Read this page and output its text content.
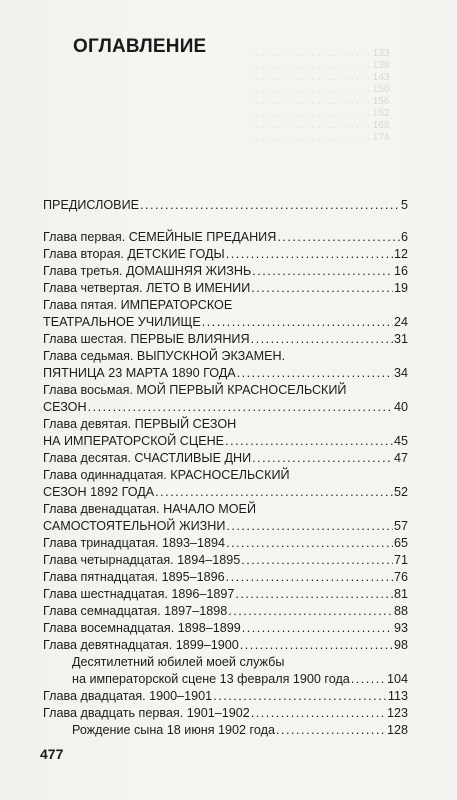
. . . . . . . . . . . . . . . . . . . . . . . 133
. . . . . . . . . . . . . . . . . . . . . . . 138
. . . . . . . . . . . . . . . . . . . . . . . 143
. . . . . . . . . . . . . . . . . . . . . . . 150
. . . . . . . . . . . . . . . . . . . . . . . 156
. . . . . . . . . . . . . . . . . . . . . . . 162
. . . . . . . . . . . . . . . . . . . . . . . 168
. . . . . . . . . . . . . . . . . . . . . . . 174
ОГЛАВЛЕНИЕ
ПРЕДИСЛОВИЕ . . .	5
Глава первая. СЕМЕЙНЫЕ ПРЕДАНИЯ . . .	6
Глава вторая. ДЕТСКИЕ ГОДЫ . . .	12
Глава третья. ДОМАШНЯЯ ЖИЗНЬ . . .	16
Глава четвертая. ЛЕТО В ИМЕНИИ . . .	19
Глава пятая. ИМПЕРАТОРСКОЕ
ТЕАТРАЛЬНОЕ УЧИЛИЩЕ . . .	24
Глава шестая. ПЕРВЫЕ ВЛИЯНИЯ . . .	31
Глава седьмая. ВЫПУСКНОЙ ЭКЗАМЕН.
ПЯТНИЦА 23 МАРТА 1890 ГОДА . . .	34
Глава восьмая. МОЙ ПЕРВЫЙ КРАСНОСЕЛЬСКИЙ
СЕЗОН . . .	40
Глава девятая. ПЕРВЫЙ СЕЗОН
НА ИМПЕРАТОРСКОЙ СЦЕНЕ . . .	45
Глава десятая. СЧАСТЛИВЫЕ ДНИ . . .	47
Глава одиннадцатая. КРАСНОСЕЛЬСКИЙ
СЕЗОН 1892 ГОДА . . .	52
Глава двенадцатая. НАЧАЛО МОЕЙ
САМОСТОЯТЕЛЬНОЙ ЖИЗНИ . . .	57
Глава тринадцатая. 1893–1894 . . .	65
Глава четырнадцатая. 1894–1895 . . .	71
Глава пятнадцатая. 1895–1896 . . .	76
Глава шестнадцатая. 1896–1897 . . .	81
Глава семнадцатая. 1897–1898 . . .	88
Глава восемнадцатая. 1898–1899 . . .	93
Глава девятнадцатая. 1899–1900 . . .	98
Десятилетний юбилей моей службы
на императорской сцене 13 февраля 1900 года . . .	104
Глава двадцатая. 1900–1901 . . .	113
Глава двадцать первая. 1901–1902 . . .	123
Рождение сына 18 июня 1902 года . . .	128
477
